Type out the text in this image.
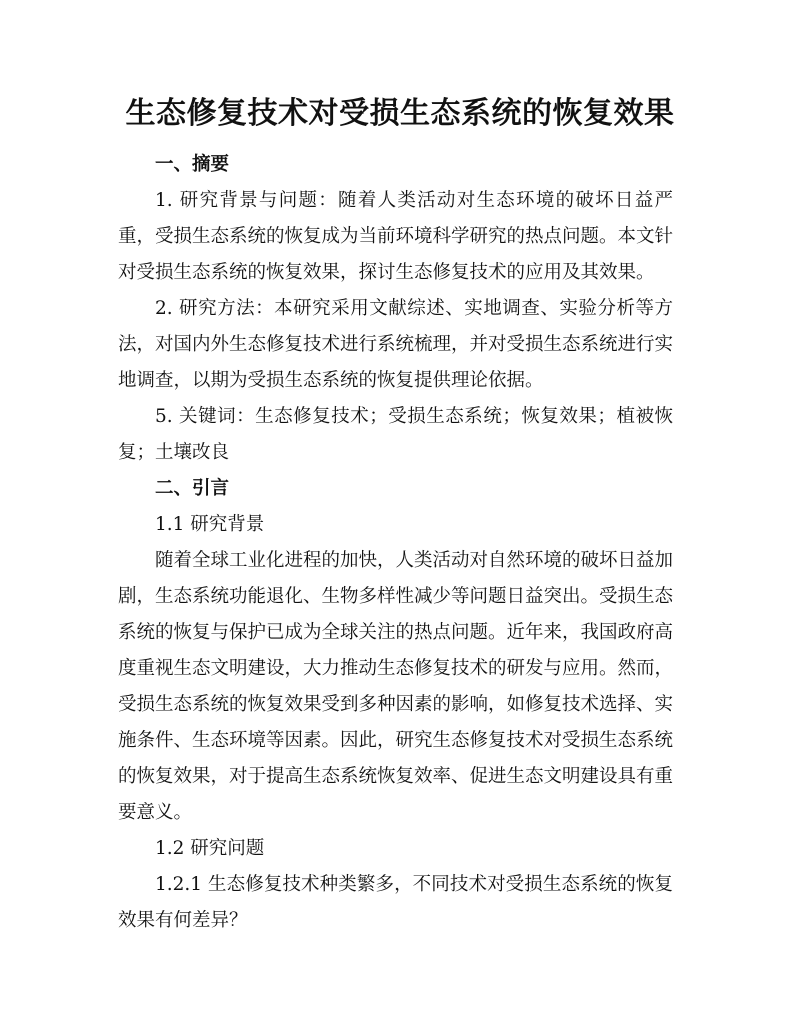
生态修复技术对受损生态系统的恢复效果

一、摘要

1. 研究背景与问题：随着人类活动对生态环境的破坏日益严重，受损生态系统的恢复成为当前环境科学研究的热点问题。本文针对受损生态系统的恢复效果，探讨生态修复技术的应用及其效果。

2. 研究方法：本研究采用文献综述、实地调查、实验分析等方法，对国内外生态修复技术进行系统梳理，并对受损生态系统进行实地调查，以期为受损生态系统的恢复提供理论依据。

5. 关键词：生态修复技术；受损生态系统；恢复效果；植被恢复；土壤改良

二、引言

1.1 研究背景

随着全球工业化进程的加快，人类活动对自然环境的破坏日益加剧，生态系统功能退化、生物多样性减少等问题日益突出。受损生态系统的恢复与保护已成为全球关注的热点问题。近年来，我国政府高度重视生态文明建设，大力推动生态修复技术的研发与应用。然而，受损生态系统的恢复效果受到多种因素的影响，如修复技术选择、实施条件、生态环境等因素。因此，研究生态修复技术对受损生态系统的恢复效果，对于提高生态系统恢复效率、促进生态文明建设具有重要意义。

1.2 研究问题

1.2.1 生态修复技术种类繁多，不同技术对受损生态系统的恢复效果有何差异？
